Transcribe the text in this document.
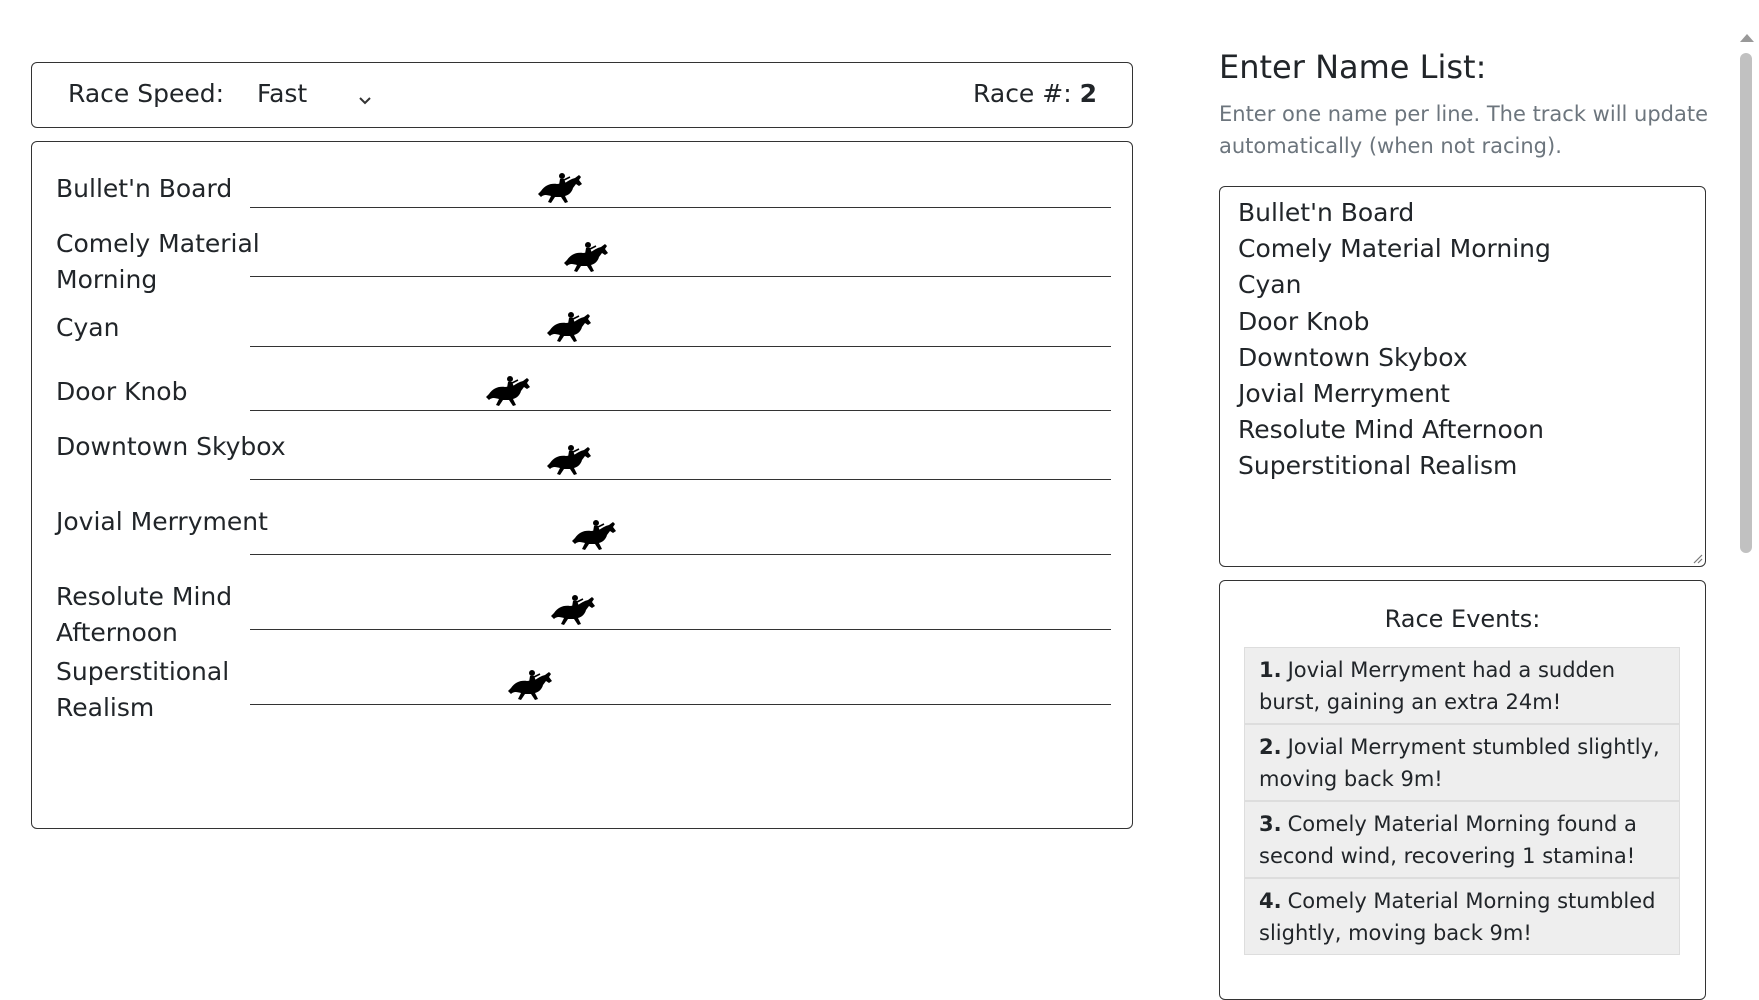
Race Speed: Fast	Race #: 2
Bullet'n Board
Comely Material Morning
Cyan
Door Knob
Downtown Skybox
Jovial Merryment
Resolute Mind Afternoon
Superstitional Realism
Enter Name List:
Enter one name per line. The track will update automatically (when not racing).
Bullet'n Board
Comely Material Morning
Cyan
Door Knob
Downtown Skybox
Jovial Merryment
Resolute Mind Afternoon
Superstitional Realism
Race Events:
1. Jovial Merryment had a sudden burst, gaining an extra 24m!
2. Jovial Merryment stumbled slightly, moving back 9m!
3. Comely Material Morning found a second wind, recovering 1 stamina!
4. Comely Material Morning stumbled slightly, moving back 9m!
